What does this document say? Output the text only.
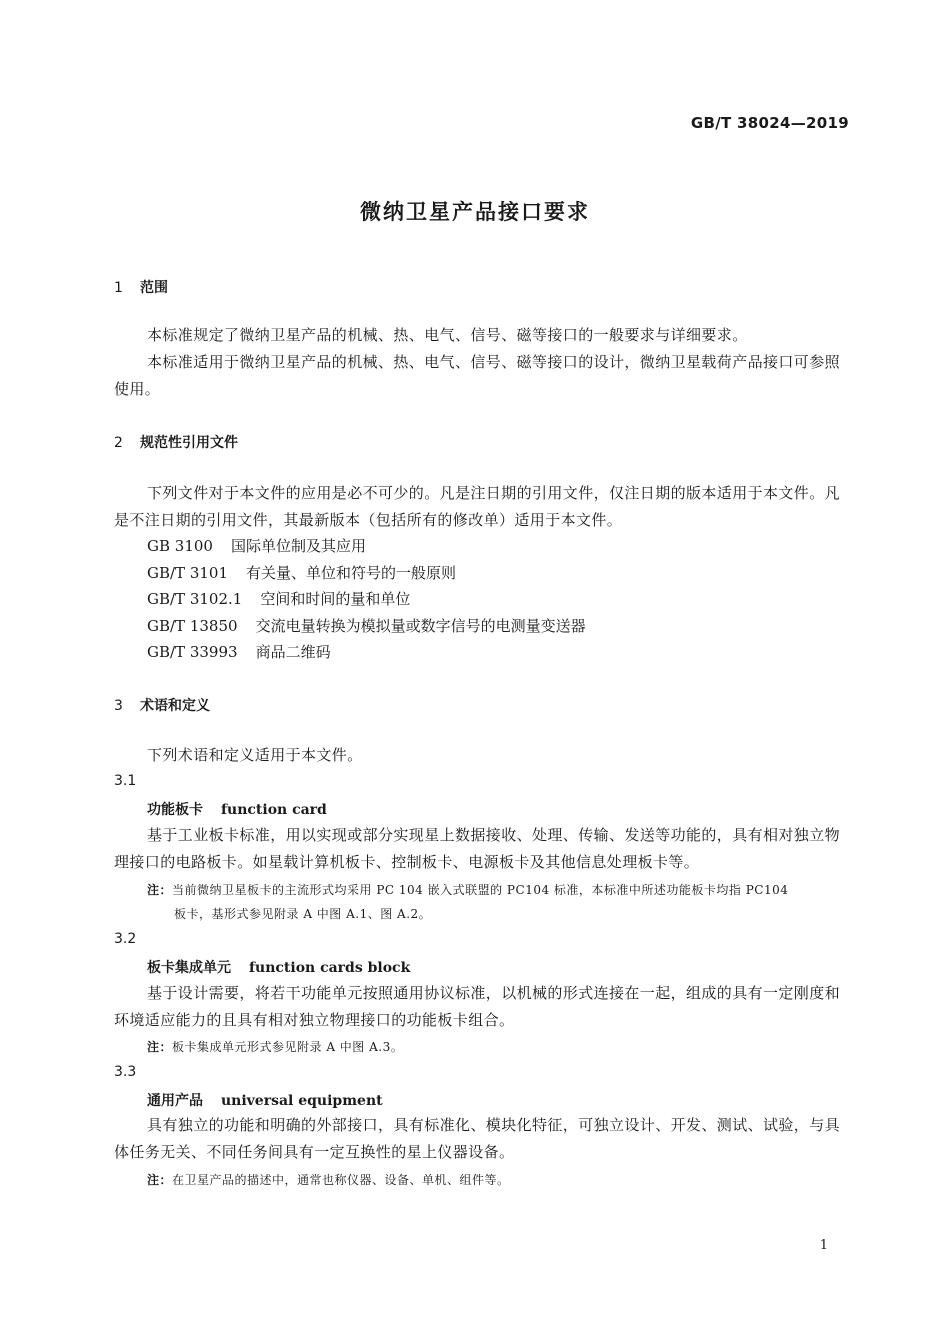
GB/T 38024—2019
微纳卫星产品接口要求
1 范围
本标准规定了微纳卫星产品的机械、热、电气、信号、磁等接口的一般要求与详细要求。
本标准适用于微纳卫星产品的机械、热、电气、信号、磁等接口的设计，微纳卫星载荷产品接口可参照使用。
2 规范性引用文件
下列文件对于本文件的应用是必不可少的。凡是注日期的引用文件，仅注日期的版本适用于本文件。凡是不注日期的引用文件，其最新版本（包括所有的修改单）适用于本文件。
GB 3100 国际单位制及其应用
GB/T 3101 有关量、单位和符号的一般原则
GB/T 3102.1 空间和时间的量和单位
GB/T 13850 交流电量转换为模拟量或数字信号的电测量变送器
GB/T 33993 商品二维码
3 术语和定义
下列术语和定义适用于本文件。
3.1
功能板卡 function card
基于工业板卡标准，用以实现或部分实现星上数据接收、处理、传输、发送等功能的，具有相对独立物理接口的电路板卡。如星载计算机板卡、控制板卡、电源板卡及其他信息处理板卡等。
注：当前微纳卫星板卡的主流形式均采用 PC 104 嵌入式联盟的 PC104 标准，本标准中所述功能板卡均指 PC104
板卡，基形式参见附录 A 中图 A.1、图 A.2。
3.2
板卡集成单元 function cards block
基于设计需要，将若干功能单元按照通用协议标准，以机械的形式连接在一起，组成的具有一定刚度和环境适应能力的且具有相对独立物理接口的功能板卡组合。
注：板卡集成单元形式参见附录 A 中图 A.3。
3.3
通用产品 universal equipment
具有独立的功能和明确的外部接口，具有标准化、模块化特征，可独立设计、开发、测试、试验，与具体任务无关、不同任务间具有一定互换性的星上仪器设备。
注：在卫星产品的描述中，通常也称仪器、设备、单机、组件等。
1
